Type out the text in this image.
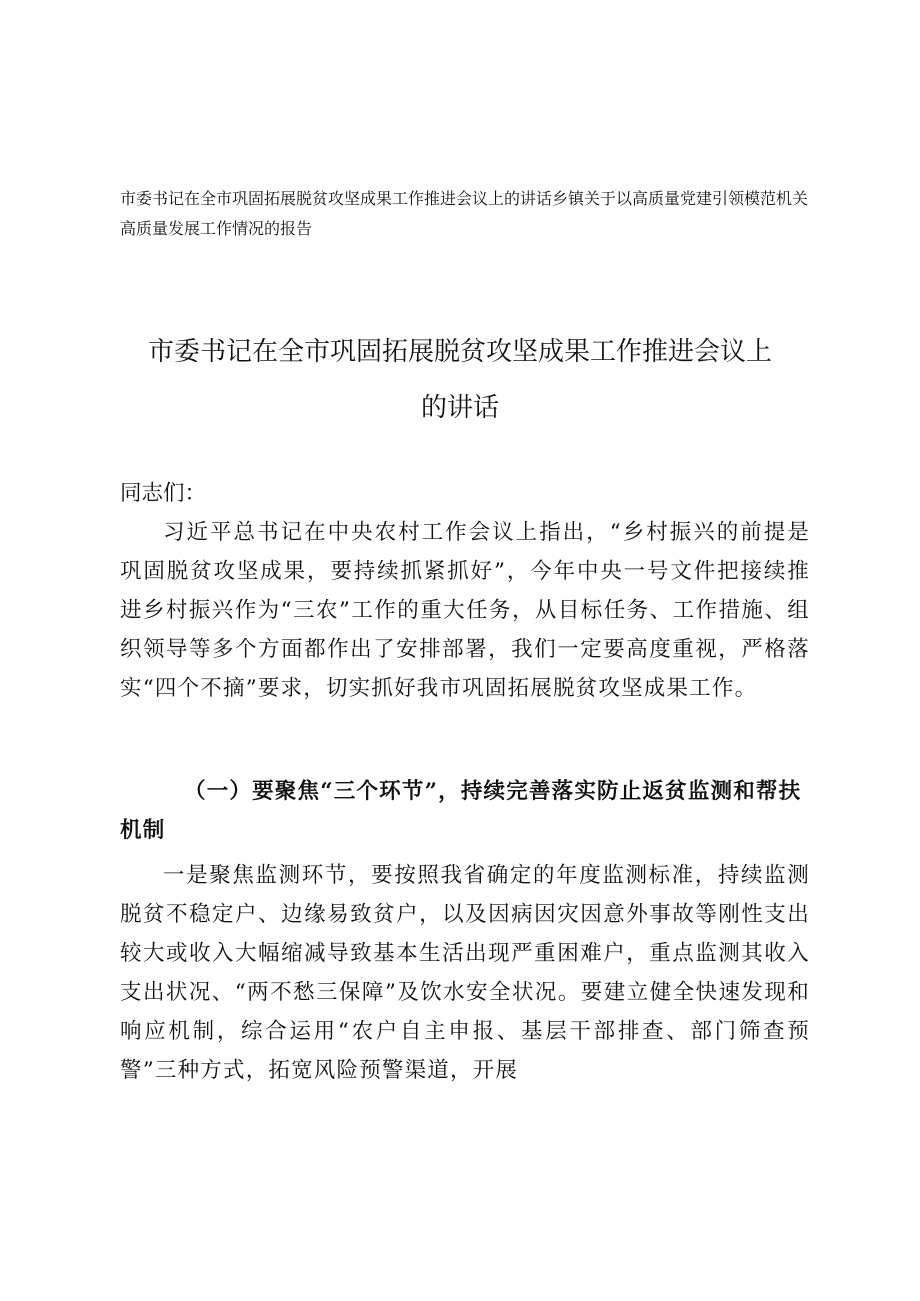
市委书记在全市巩固拓展脱贫攻坚成果工作推进会议上的讲话乡镇关于以高质量党建引领模范机关高质量发展工作情况的报告

市委书记在全市巩固拓展脱贫攻坚成果工作推进会议上
的讲话

同志们：

习近平总书记在中央农村工作会议上指出，“乡村振兴的前提是巩固脱贫攻坚成果，要持续抓紧抓好”，今年中央一号文件把接续推进乡村振兴作为“三农”工作的重大任务，从目标任务、工作措施、组织领导等多个方面都作出了安排部署，我们一定要高度重视，严格落实“四个不摘”要求，切实抓好我市巩固拓展脱贫攻坚成果工作。

（一）要聚焦“三个环节”，持续完善落实防止返贫监测和帮扶机制

一是聚焦监测环节，要按照我省确定的年度监测标准，持续监测脱贫不稳定户、边缘易致贫户，以及因病因灾因意外事故等刚性支出较大或收入大幅缩减导致基本生活出现严重困难户，重点监测其收入支出状况、“两不愁三保障”及饮水安全状况。要建立健全快速发现和响应机制，综合运用“农户自主申报、基层干部排查、部门筛查预警”三种方式，拓宽风险预警渠道，开展
